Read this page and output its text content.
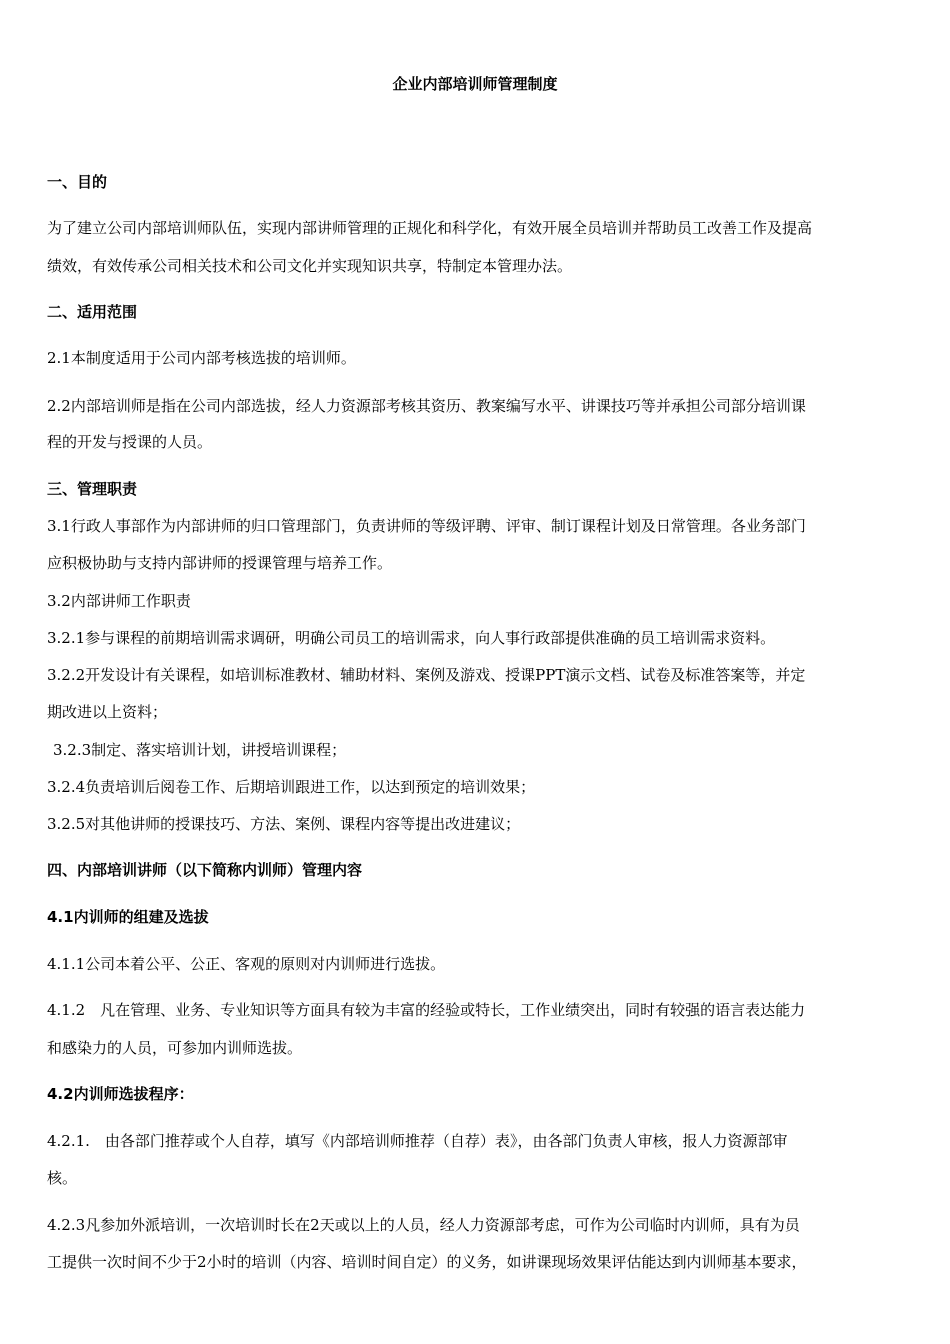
企业内部培训师管理制度
一、目的
为了建立公司内部培训师队伍，实现内部讲师管理的正规化和科学化，有效开展全员培训并帮助员工改善工作及提高
绩效，有效传承公司相关技术和公司文化并实现知识共享，特制定本管理办法。
二、适用范围
2.1本制度适用于公司内部考核选拔的培训师。
2.2内部培训师是指在公司内部选拔，经人力资源部考核其资历、教案编写水平、讲课技巧等并承担公司部分培训课
程的开发与授课的人员。
三、管理职责
3.1行政人事部作为内部讲师的归口管理部门，负责讲师的等级评聘、评审、制订课程计划及日常管理。各业务部门
应积极协助与支持内部讲师的授课管理与培养工作。
3.2内部讲师工作职责
3.2.1参与课程的前期培训需求调研，明确公司员工的培训需求，向人事行政部提供准确的员工培训需求资料。
3.2.2开发设计有关课程，如培训标准教材、辅助材料、案例及游戏、授课PPT演示文档、试卷及标准答案等，并定
期改进以上资料；
3.2.3制定、落实培训计划，讲授培训课程；
3.2.4负责培训后阅卷工作、后期培训跟进工作，以达到预定的培训效果；
3.2.5对其他讲师的授课技巧、方法、案例、课程内容等提出改进建议；
四、内部培训讲师（以下简称内训师）管理内容
4.1内训师的组建及选拔
4.1.1公司本着公平、公正、客观的原则对内训师进行选拔。
4.1.2　凡在管理、业务、专业知识等方面具有较为丰富的经验或特长，工作业绩突出，同时有较强的语言表达能力
和感染力的人员，可参加内训师选拔。
4.2内训师选拔程序：
4.2.1.　由各部门推荐或个人自荐，填写《内部培训师推荐（自荐）表》，由各部门负责人审核，报人力资源部审
核。
4.2.3凡参加外派培训，一次培训时长在2天或以上的人员，经人力资源部考虑，可作为公司临时内训师，具有为员
工提供一次时间不少于2小时的培训（内容、培训时间自定）的义务，如讲课现场效果评估能达到内训师基本要求，
